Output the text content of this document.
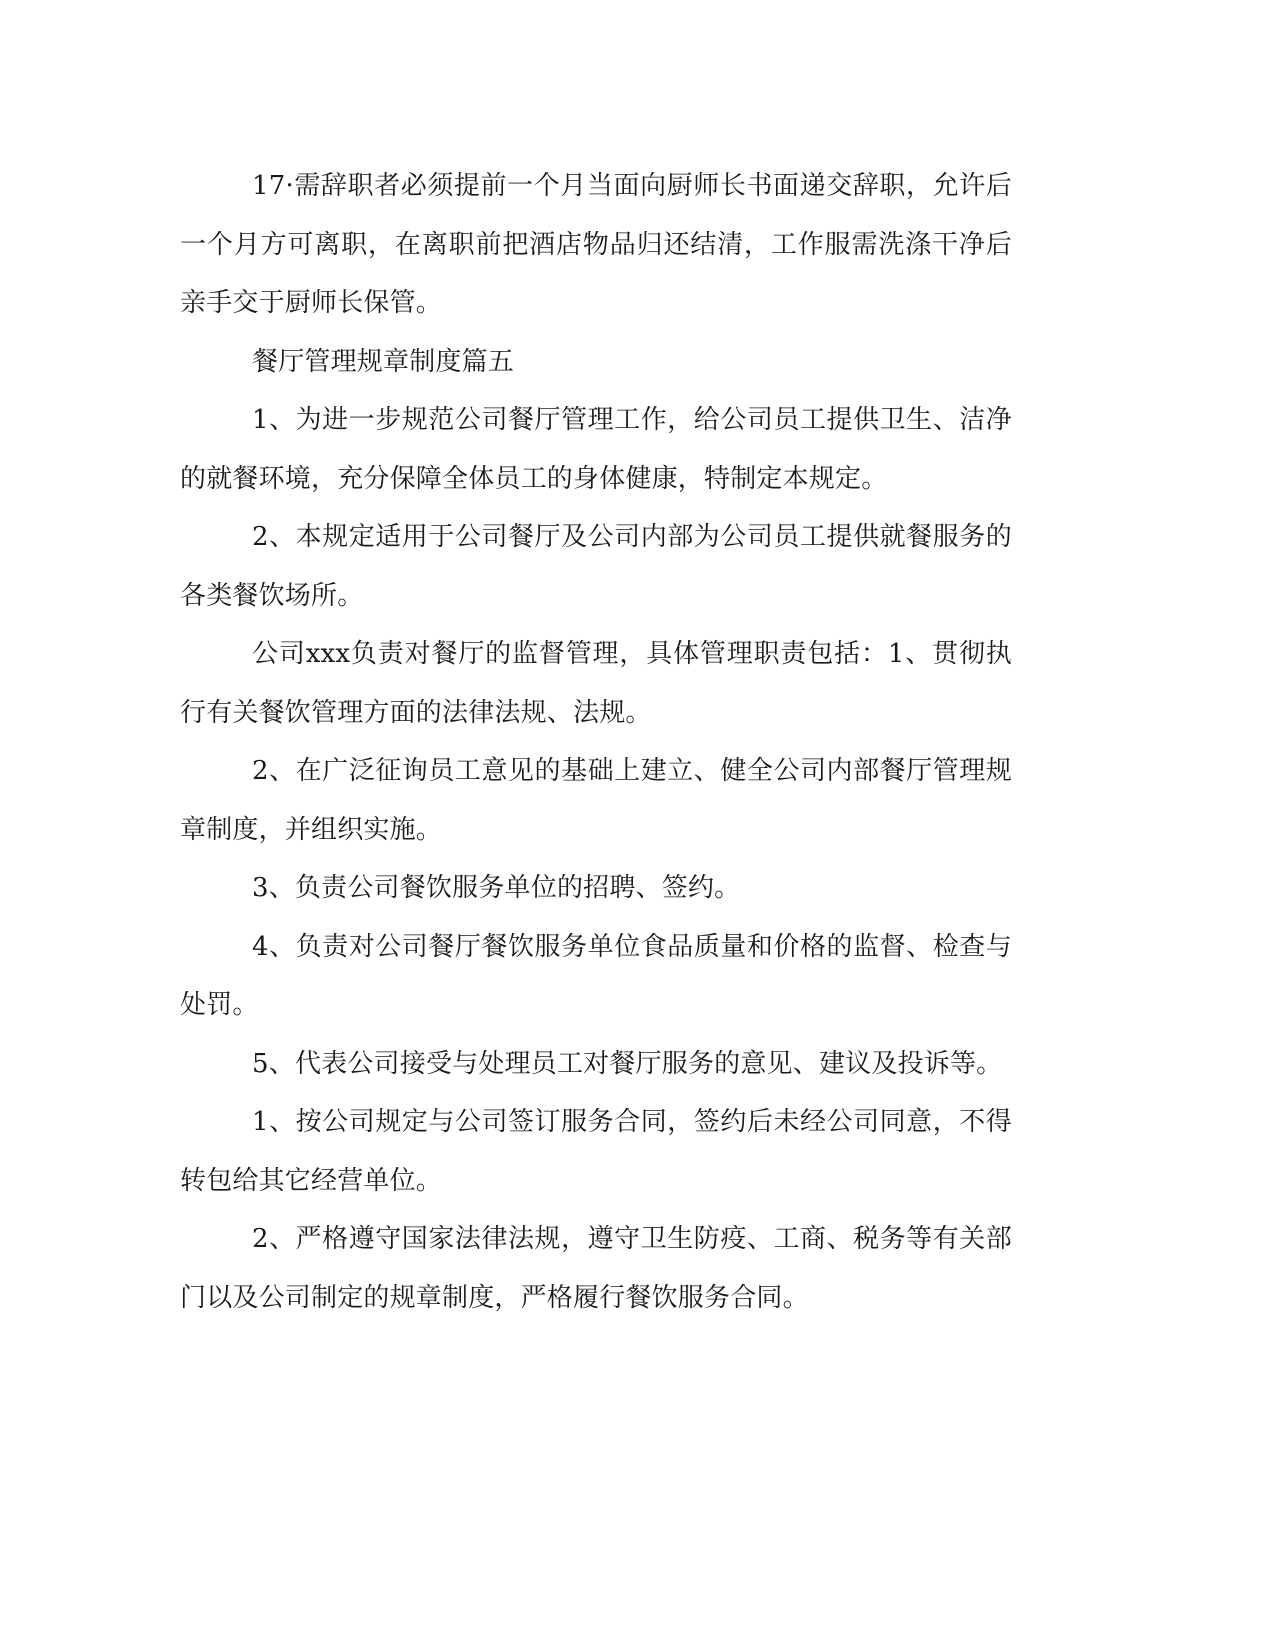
17·需辞职者必须提前一个月当面向厨师长书面递交辞职，允许后一个月方可离职，在离职前把酒店物品归还结清，工作服需洗涤干净后亲手交于厨师长保管。

餐厅管理规章制度篇五

1、为进一步规范公司餐厅管理工作，给公司员工提供卫生、洁净的就餐环境，充分保障全体员工的身体健康，特制定本规定。

2、本规定适用于公司餐厅及公司内部为公司员工提供就餐服务的各类餐饮场所。

公司xxx负责对餐厅的监督管理，具体管理职责包括：1、贯彻执行有关餐饮管理方面的法律法规、法规。

2、在广泛征询员工意见的基础上建立、健全公司内部餐厅管理规章制度，并组织实施。

3、负责公司餐饮服务单位的招聘、签约。

4、负责对公司餐厅餐饮服务单位食品质量和价格的监督、检查与处罚。

5、代表公司接受与处理员工对餐厅服务的意见、建议及投诉等。

1、按公司规定与公司签订服务合同，签约后未经公司同意，不得转包给其它经营单位。

2、严格遵守国家法律法规，遵守卫生防疫、工商、税务等有关部门以及公司制定的规章制度，严格履行餐饮服务合同。
